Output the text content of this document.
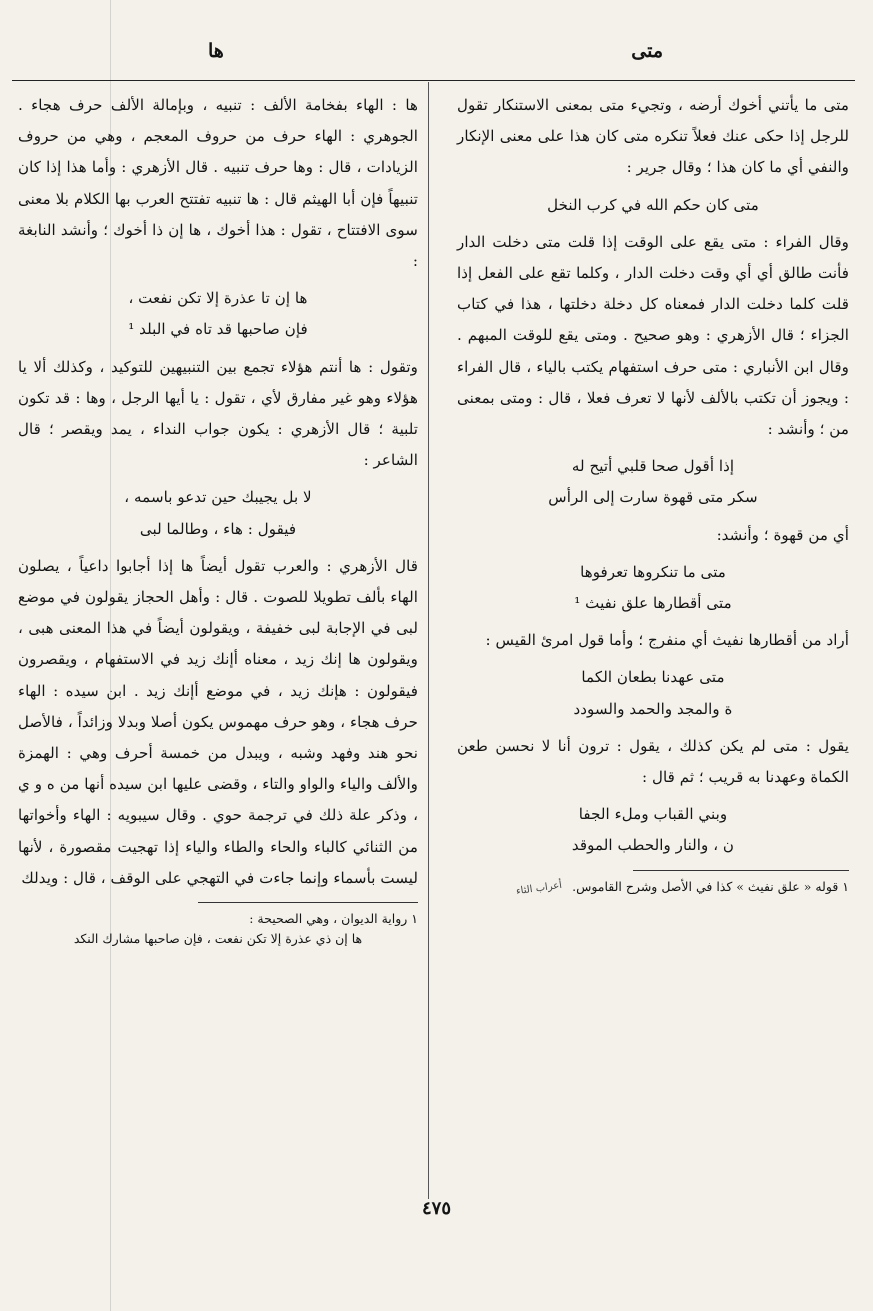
متى
ها

متى ما يأتني أخوك أرضه ، وتجيء متى بمعنى الاستنكار تقول للرجل إذا حكى عنك فعلاً تنكره متى كان هذا على معنى الإنكار والنفي أي ما كان هذا ؛ وقال جرير :

متى كان حكم الله في كرب النخل

وقال الفراء : متى يقع على الوقت إذا قلت متى دخلت الدار فأنت طالق أي أي وقت دخلت الدار ، وكلما تقع على الفعل إذا قلت كلما دخلت الدار فمعناه كل دخلة دخلتها ، هذا في كتاب الجزاء ؛ قال الأزهري : وهو صحيح . ومتى يقع للوقت المبهم . وقال ابن الأنباري : متى حرف استفهام يكتب بالياء ، قال الفراء : ويجوز أن تكتب بالألف لأنها لا تعرف فعلا ، قال : ومتى بمعنى من ؛ وأنشد :

إذا أقول صحا قلبي أتيح له

سكر متى قهوة سارت إلى الرأس

أي من قهوة ؛ وأنشد:

متى ما تنكروها تعرفوها

متى أقطارها علق نفيث ¹

أراد من أقطارها نفيث أي منفرج ؛ وأما قول امرئ القيس :

متى عهدنا بطعان الكما

ة والمجد والحمد والسودد

يقول : متى لم يكن كذلك ، يقول : ترون أنا لا نحسن طعن الكماة وعهدنا به قريب ؛ ثم قال :

وبني القباب وملء الجفا

ن ، والنار والحطب الموقد

١ قوله « علق نفيث » كذا في الأصل وشرح القاموس. أعراب الثاء

ها : الهاء بفخامة الألف : تنبيه ، وبإمالة الألف حرف هجاء . الجوهري : الهاء حرف من حروف المعجم ، وهي من حروف الزيادات ، قال : وها حرف تنبيه . قال الأزهري : وأما هذا إذا كان تنبيهاً فإن أبا الهيثم قال : ها تنبيه تفتتح العرب بها الكلام بلا معنى سوى الافتتاح ، تقول : هذا أخوك ، ها إن ذا أخوك ؛ وأنشد النابغة :

ها إن تا عذرة إلا تكن نفعت ،

فإن صاحبها قد تاه في البلد ¹

وتقول : ها أنتم هؤلاء تجمع بين التنبيهين للتوكيد ، وكذلك ألا يا هؤلاء وهو غير مفارق لأي ، تقول : يا أيها الرجل ، وها : قد تكون تلبية ؛ قال الأزهري : يكون جواب النداء ، يمد ويقصر ؛ قال الشاعر :

لا بل يجيبك حين تدعو باسمه ،

فيقول : هاء ، وطالما لبى

قال الأزهري : والعرب تقول أيضاً ها إذا أجابوا داعياً ، يصلون الهاء بألف تطويلا للصوت . قال : وأهل الحجاز يقولون في موضع لبى في الإجابة لبى خفيفة ، ويقولون أيضاً في هذا المعنى هبى ، ويقولون ها إنك زيد ، معناه أإنك زيد في الاستفهام ، ويقصرون فيقولون : هإنك زيد ، في موضع أإنك زيد . ابن سيده : الهاء حرف هجاء ، وهو حرف مهموس يكون أصلا وبدلا وزائداً ، فالأصل نحو هند وفهد وشبه ، ويبدل من خمسة أحرف وهي : الهمزة والألف والياء والواو والتاء ، وقضى عليها ابن سيده أنها من ه و ي ، وذكر علة ذلك في ترجمة حوي . وقال سيبويه : الهاء وأخواتها من الثنائي كالباء والحاء والطاء والياء إذا تهجيت مقصورة ، لأنها ليست بأسماء وإنما جاءت في التهجي على الوقف ، قال : ويدلك

١ رواية الديوان ، وهي الصحيحة :

ها إن ذي عذرة إلا تكن نفعت ، فإن صاحبها مشارك النكد

٤٧٥
